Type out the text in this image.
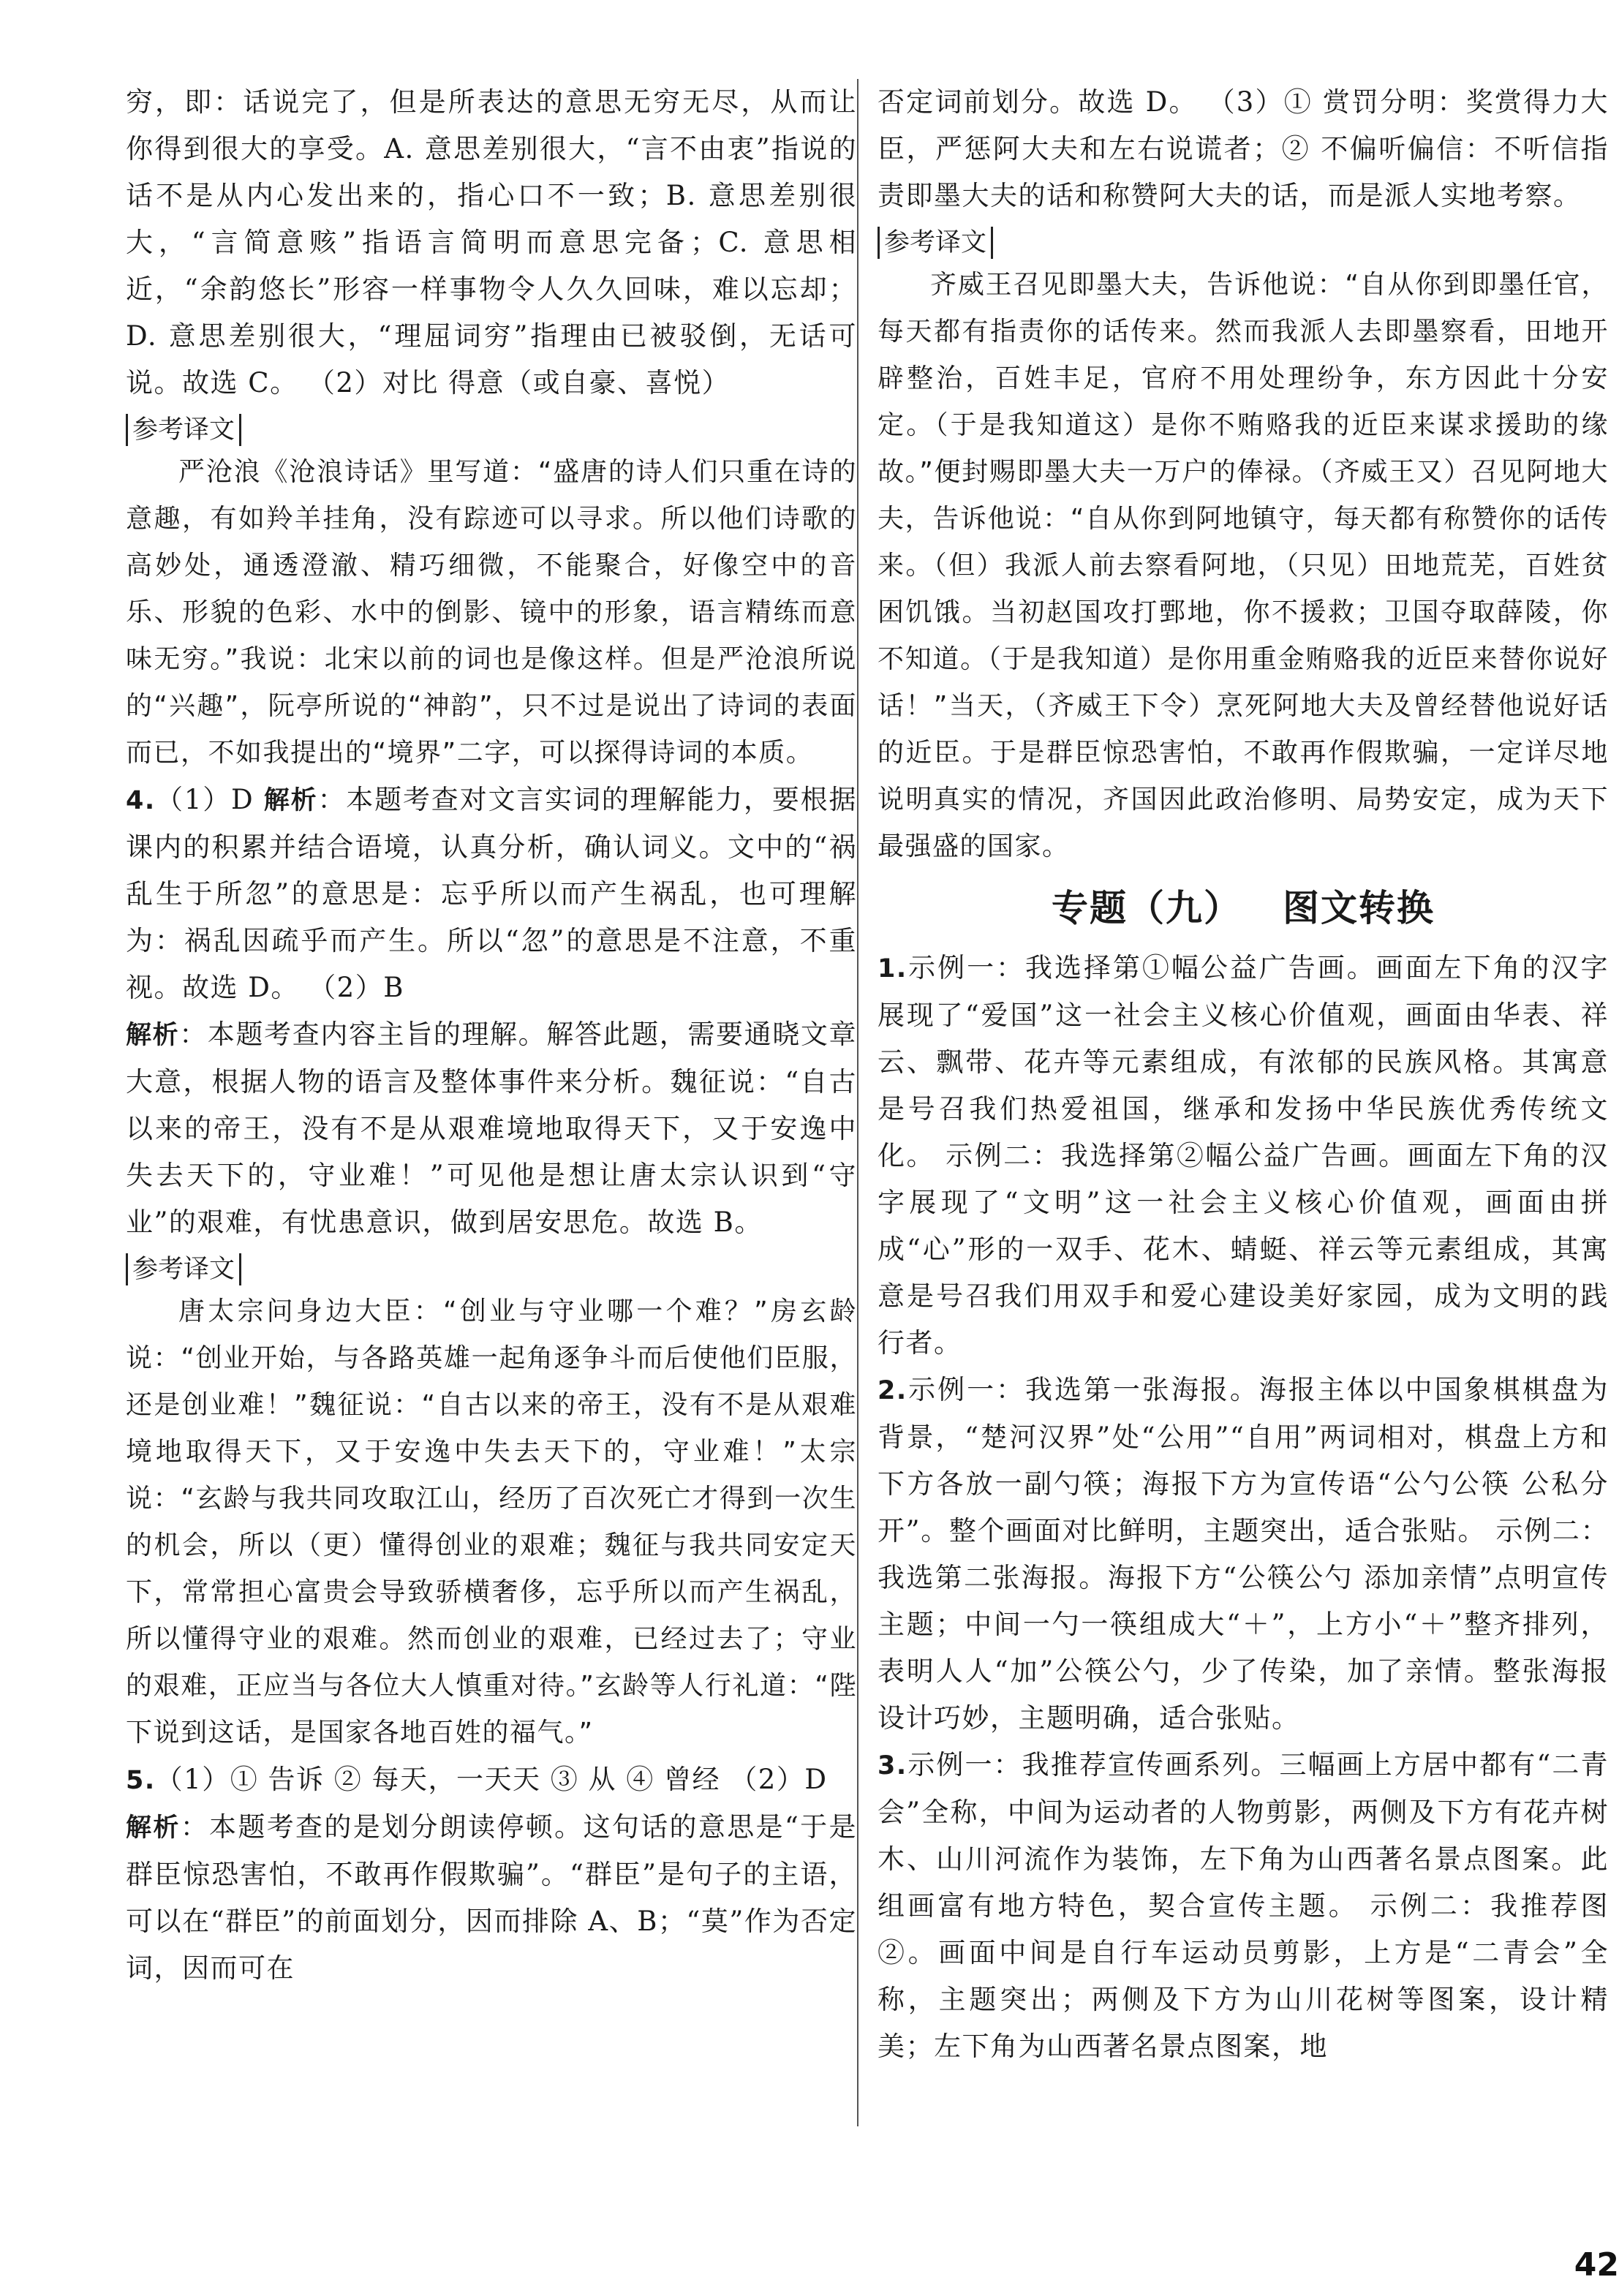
穷，即：话说完了，但是所表达的意思无穷无尽，从而让你得到很大的享受。A. 意思差别很大，“言不由衷”指说的话不是从内心发出来的，指心口不一致；B. 意思差别很大，“言简意赅”指语言简明而意思完备；C. 意思相近，“余韵悠长”形容一样事物令人久久回味，难以忘却；D. 意思差别很大，“理屈词穷”指理由已被驳倒，无话可说。故选 C。 （2）对比 得意（或自豪、喜悦）

参考译文

严沧浪《沧浪诗话》里写道：“盛唐的诗人们只重在诗的意趣，有如羚羊挂角，没有踪迹可以寻求。所以他们诗歌的高妙处，通透澄澈、精巧细微，不能聚合，好像空中的音乐、形貌的色彩、水中的倒影、镜中的形象，语言精练而意味无穷。”我说：北宋以前的词也是像这样。但是严沧浪所说的“兴趣”，阮亭所说的“神韵”，只不过是说出了诗词的表面而已，不如我提出的“境界”二字，可以探得诗词的本质。

4.（1）D 解析：本题考查对文言实词的理解能力，要根据课内的积累并结合语境，认真分析，确认词义。文中的“祸乱生于所忽”的意思是：忘乎所以而产生祸乱，也可理解为：祸乱因疏乎而产生。所以“忽”的意思是不注意，不重视。故选 D。 （2）B

解析：本题考查内容主旨的理解。解答此题，需要通晓文章大意，根据人物的语言及整体事件来分析。魏征说：“自古以来的帝王，没有不是从艰难境地取得天下，又于安逸中失去天下的，守业难！”可见他是想让唐太宗认识到“守业”的艰难，有忧患意识，做到居安思危。故选 B。

参考译文

唐太宗问身边大臣：“创业与守业哪一个难？”房玄龄说：“创业开始，与各路英雄一起角逐争斗而后使他们臣服，还是创业难！”魏征说：“自古以来的帝王，没有不是从艰难境地取得天下，又于安逸中失去天下的，守业难！”太宗说：“玄龄与我共同攻取江山，经历了百次死亡才得到一次生的机会，所以（更）懂得创业的艰难；魏征与我共同安定天下，常常担心富贵会导致骄横奢侈，忘乎所以而产生祸乱，所以懂得守业的艰难。然而创业的艰难，已经过去了；守业的艰难，正应当与各位大人慎重对待。”玄龄等人行礼道：“陛下说到这话，是国家各地百姓的福气。”

5.（1）① 告诉 ② 每天，一天天 ③ 从 ④ 曾经 （2）D

解析：本题考查的是划分朗读停顿。这句话的意思是“于是群臣惊恐害怕，不敢再作假欺骗”。“群臣”是句子的主语，可以在“群臣”的前面划分，因而排除 A、B；“莫”作为否定词，因而可在

否定词前划分。故选 D。 （3）① 赏罚分明：奖赏得力大臣，严惩阿大夫和左右说谎者；② 不偏听偏信：不听信指责即墨大夫的话和称赞阿大夫的话，而是派人实地考察。

参考译文

齐威王召见即墨大夫，告诉他说：“自从你到即墨任官，每天都有指责你的话传来。然而我派人去即墨察看，田地开辟整治，百姓丰足，官府不用处理纷争，东方因此十分安定。（于是我知道这）是你不贿赂我的近臣来谋求援助的缘故。”便封赐即墨大夫一万户的俸禄。（齐威王又）召见阿地大夫，告诉他说：“自从你到阿地镇守，每天都有称赞你的话传来。（但）我派人前去察看阿地，（只见）田地荒芜，百姓贫困饥饿。当初赵国攻打鄄地，你不援救；卫国夺取薛陵，你不知道。（于是我知道）是你用重金贿赂我的近臣来替你说好话！”当天，（齐威王下令）烹死阿地大夫及曾经替他说好话的近臣。于是群臣惊恐害怕，不敢再作假欺骗，一定详尽地说明真实的情况，齐国因此政治修明、局势安定，成为天下最强盛的国家。

专题（九） 图文转换

1.示例一：我选择第①幅公益广告画。画面左下角的汉字展现了“爱国”这一社会主义核心价值观，画面由华表、祥云、飘带、花卉等元素组成，有浓郁的民族风格。其寓意是号召我们热爱祖国，继承和发扬中华民族优秀传统文化。 示例二：我选择第②幅公益广告画。画面左下角的汉字展现了“文明”这一社会主义核心价值观，画面由拼成“心”形的一双手、花木、蜻蜓、祥云等元素组成，其寓意是号召我们用双手和爱心建设美好家园，成为文明的践行者。

2.示例一：我选第一张海报。海报主体以中国象棋棋盘为背景，“楚河汉界”处“公用”“自用”两词相对，棋盘上方和下方各放一副勺筷；海报下方为宣传语“公勺公筷 公私分开”。整个画面对比鲜明，主题突出，适合张贴。 示例二：我选第二张海报。海报下方“公筷公勺 添加亲情”点明宣传主题；中间一勺一筷组成大“＋”，上方小“＋”整齐排列，表明人人“加”公筷公勺，少了传染，加了亲情。整张海报设计巧妙，主题明确，适合张贴。

3.示例一：我推荐宣传画系列。三幅画上方居中都有“二青会”全称，中间为运动者的人物剪影，两侧及下方有花卉树木、山川河流作为装饰，左下角为山西著名景点图案。此组画富有地方特色，契合宣传主题。 示例二：我推荐图②。画面中间是自行车运动员剪影，上方是“二青会”全称，主题突出；两侧及下方为山川花树等图案，设计精美；左下角为山西著名景点图案，地

42
